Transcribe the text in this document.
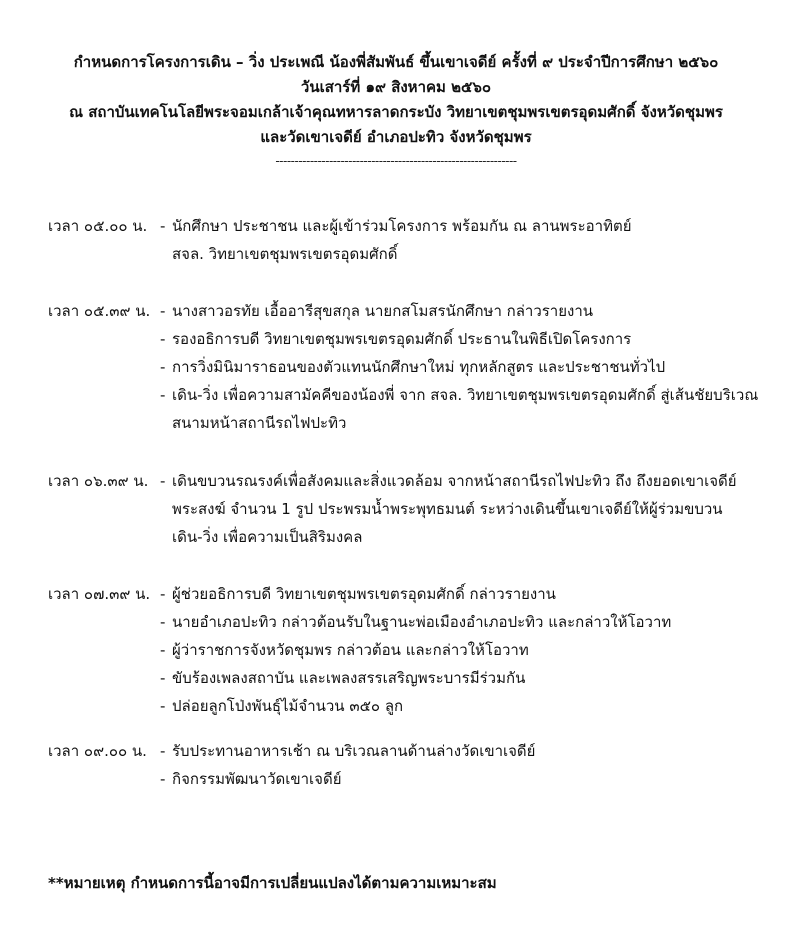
กำหนดการโครงการเดิน – วิ่ง ประเพณี น้องพี่สัมพันธ์ ขึ้นเขาเจดีย์ ครั้งที่ ๙ ประจำปีการศึกษา ๒๕๖๐
วันเสาร์ที่ ๑๙ สิงหาคม ๒๕๖๐
ณ สถาบันเทคโนโลยีพระจอมเกล้าเจ้าคุณทหารลาดกระบัง วิทยาเขตชุมพรเขตรอุดมศักดิ์ จังหวัดชุมพร
และวัดเขาเจดีย์ อำเภอปะทิว จังหวัดชุมพร
---------------------------------------------------------------
เวลา ๐๕.๐๐ น. - นักศึกษา ประชาชน และผู้เข้าร่วมโครงการ พร้อมกัน ณ ลานพระอาทิตย์
สจล. วิทยาเขตชุมพรเขตรอุดมศักดิ์
เวลา ๐๕.๓๙ น. - นางสาวอรทัย เอื้ออารีสุขสกุล นายกสโมสรนักศึกษา กล่าวรายงาน
- รองอธิการบดี วิทยาเขตชุมพรเขตรอุดมศักดิ์ ประธานในพิธีเปิดโครงการ
- การวิ่งมินิมาราธอนของตัวแทนนักศึกษาใหม่ ทุกหลักสูตร และประชาชนทั่วไป
- เดิน-วิ่ง เพื่อความสามัคคีของน้องพี่ จาก สจล. วิทยาเขตชุมพรเขตรอุดมศักดิ์ สู่เส้นชัยบริเวณ
สนามหน้าสถานีรถไฟปะทิว
เวลา ๐๖.๓๙ น. - เดินขบวนรณรงค์เพื่อสังคมและสิ่งแวดล้อม จากหน้าสถานีรถไฟปะทิว ถึง ถึงยอดเขาเจดีย์
พระสงฆ์ จำนวน 1 รูป ประพรมน้ำพระพุทธมนต์ ระหว่างเดินขึ้นเขาเจดีย์ให้ผู้ร่วมขบวน
เดิน-วิ่ง เพื่อความเป็นสิริมงคล
เวลา ๐๗.๓๙ น. - ผู้ช่วยอธิการบดี วิทยาเขตชุมพรเขตรอุดมศักดิ์ กล่าวรายงาน
- นายอำเภอปะทิว กล่าวต้อนรับในฐานะพ่อเมืองอำเภอปะทิว และกล่าวให้โอวาท
- ผู้ว่าราชการจังหวัดชุมพร กล่าวต้อน และกล่าวให้โอวาท
- ขับร้องเพลงสถาบัน และเพลงสรรเสริญพระบารมีร่วมกัน
- ปล่อยลูกโป่งพันธุ์ไม้จำนวน ๓๕๐ ลูก
เวลา ๐๙.๐๐ น. - รับประทานอาหารเช้า ณ บริเวณลานด้านล่างวัดเขาเจดีย์
- กิจกรรมพัฒนาวัดเขาเจดีย์
**หมายเหตุ กำหนดการนี้อาจมีการเปลี่ยนแปลงได้ตามความเหมาะสม
